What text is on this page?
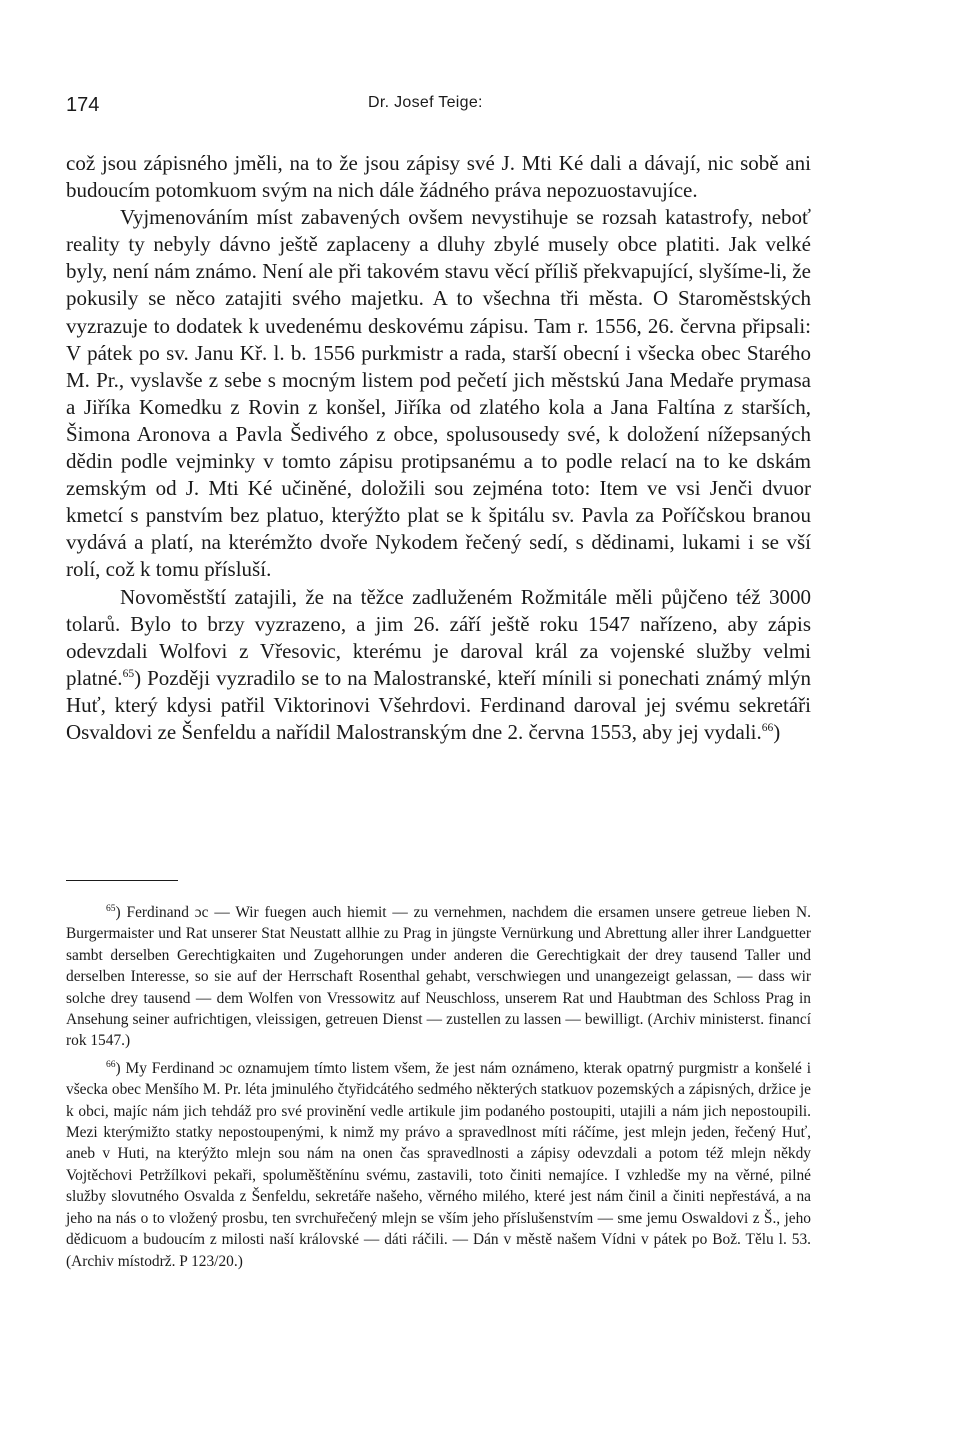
174	Dr. Josef Teige:

což jsou zápisného jměli, na to že jsou zápisy své J. Mti Ké dali a dávají, nic sobě ani budoucím potomkuom svým na nich dále žádného práva nepozuostavujíce.

Vyjmenováním míst zabavených ovšem nevystihuje se rozsah katastrofy, neboť reality ty nebyly dávno ještě zaplaceny a dluhy zbylé musely obce platiti. Jak velké byly, není nám známo. Není ale při takovém stavu věcí příliš překvapující, slyšíme-li, že pokusily se něco zatajiti svého majetku. A to všechna tři města. O Staroměstských vyzrazuje to dodatek k uvedenému deskovému zápisu. Tam r. 1556, 26. června připsali: V pátek po sv. Janu Kř. l. b. 1556 purkmistr a rada, starší obecní i všecka obec Starého M. Pr., vyslavše z sebe s mocným listem pod pečetí jich městskú Jana Medaře prymasa a Jiříka Komedku z Rovin z konšel, Jiříka od zlatého kola a Jana Faltína z starších, Šimona Aronova a Pavla Šedivého z obce, spolusousedy své, k doložení nížepsaných dědin podle vejminky v tomto zápisu protipsanému a to podle relací na to ke dskám zemským od J. Mti Ké učiněné, doložili sou zejména toto: Item ve vsi Jenči dvuor kmetcí s panstvím bez platuo, kterýžto plat se k špitálu sv. Pavla za Poříčskou branou vydává a platí, na kterémžto dvoře Nykodem řečený sedí, s dědinami, lukami i se vší rolí, což k tomu přísluší.

Novoměstští zatajili, že na těžce zadluženém Rožmitále měli půjčeno též 3000 tolarů. Bylo to brzy vyzrazeno, a jim 26. září ještě roku 1547 nařízeno, aby zápis odevzdali Wolfovi z Vřesovic, kterému je daroval král za vojenské služby velmi platné.$^{65}$) Později vyzradilo se to na Malostranské, kteří mínili si ponechati známý mlýn Huť, který kdysi patřil Viktorinovi Všehrdovi. Ferdinand daroval jej svému sekretáři Osvaldovi ze Šenfeldu a nařídil Malostranským dne 2. června 1553, aby jej vydali.$^{66}$)

$^{65}$) Ferdinand ɔc — Wir fuegen auch hiemit — zu vernehmen, nachdem die ersamen unsere getreue lieben N. Burgermaister und Rat unserer Stat Neustatt allhie zu Prag in jüngste Vernürkung und Abrettung aller ihrer Landguetter sambt derselben Gerechtigkaiten und Zugehorungen under anderen die Gerechtigkait der drey tausend Taller und derselben Interesse, so sie auf der Herrschaft Rosenthal gehabt, verschwiegen und unangezeigt gelassan, — dass wir solche drey tausend — dem Wolfen von Vressowitz auf Neuschloss, unserem Rat und Haubtman des Schloss Prag in Ansehung seiner aufrichtigen, vleissigen, getreuen Dienst — zustellen zu lassen — bewilligt. (Archiv ministerst. financí rok 1547.)

$^{66}$) My Ferdinand ɔc oznamujem tímto listem všem, že jest nám oznámeno, kterak opatrný purgmistr a konšelé i všecka obec Menšího M. Pr. léta jminulého čtyřidcátého sedmého některých statkuov pozemských a zápisných, držice je k obci, majíc nám jich tehdáž pro své provinění vedle artikule jim podaného postoupiti, utajili a nám jich nepostoupili. Mezi kterýmižto statky nepostoupenými, k nimž my právo a spravedlnost míti ráčíme, jest mlejn jeden, řečený Huť, aneb v Huti, na kterýžto mlejn sou nám na onen čas spravedlnosti a zápisy odevzdali a potom též mlejn někdy Vojtěchovi Petržílkovi pekaři, spoluměštěnínu svému, zastavili, toto činiti nemajíce. I vzhledše my na věrné, pilné služby slovutného Osvalda z Šenfeldu, sekretáře našeho, věrného milého, které jest nám činil a činiti nepřestává, a na jeho na nás o to vložený prosbu, ten svrchuřečený mlejn se vším jeho příslušenstvím — sme jemu Oswaldovi z Š., jeho dědicuom a budoucím z milosti naší královské — dáti ráčili. — Dán v městě našem Vídni v pátek po Bož. Tělu l. 53. (Archiv místodrž. P 123/20.)
